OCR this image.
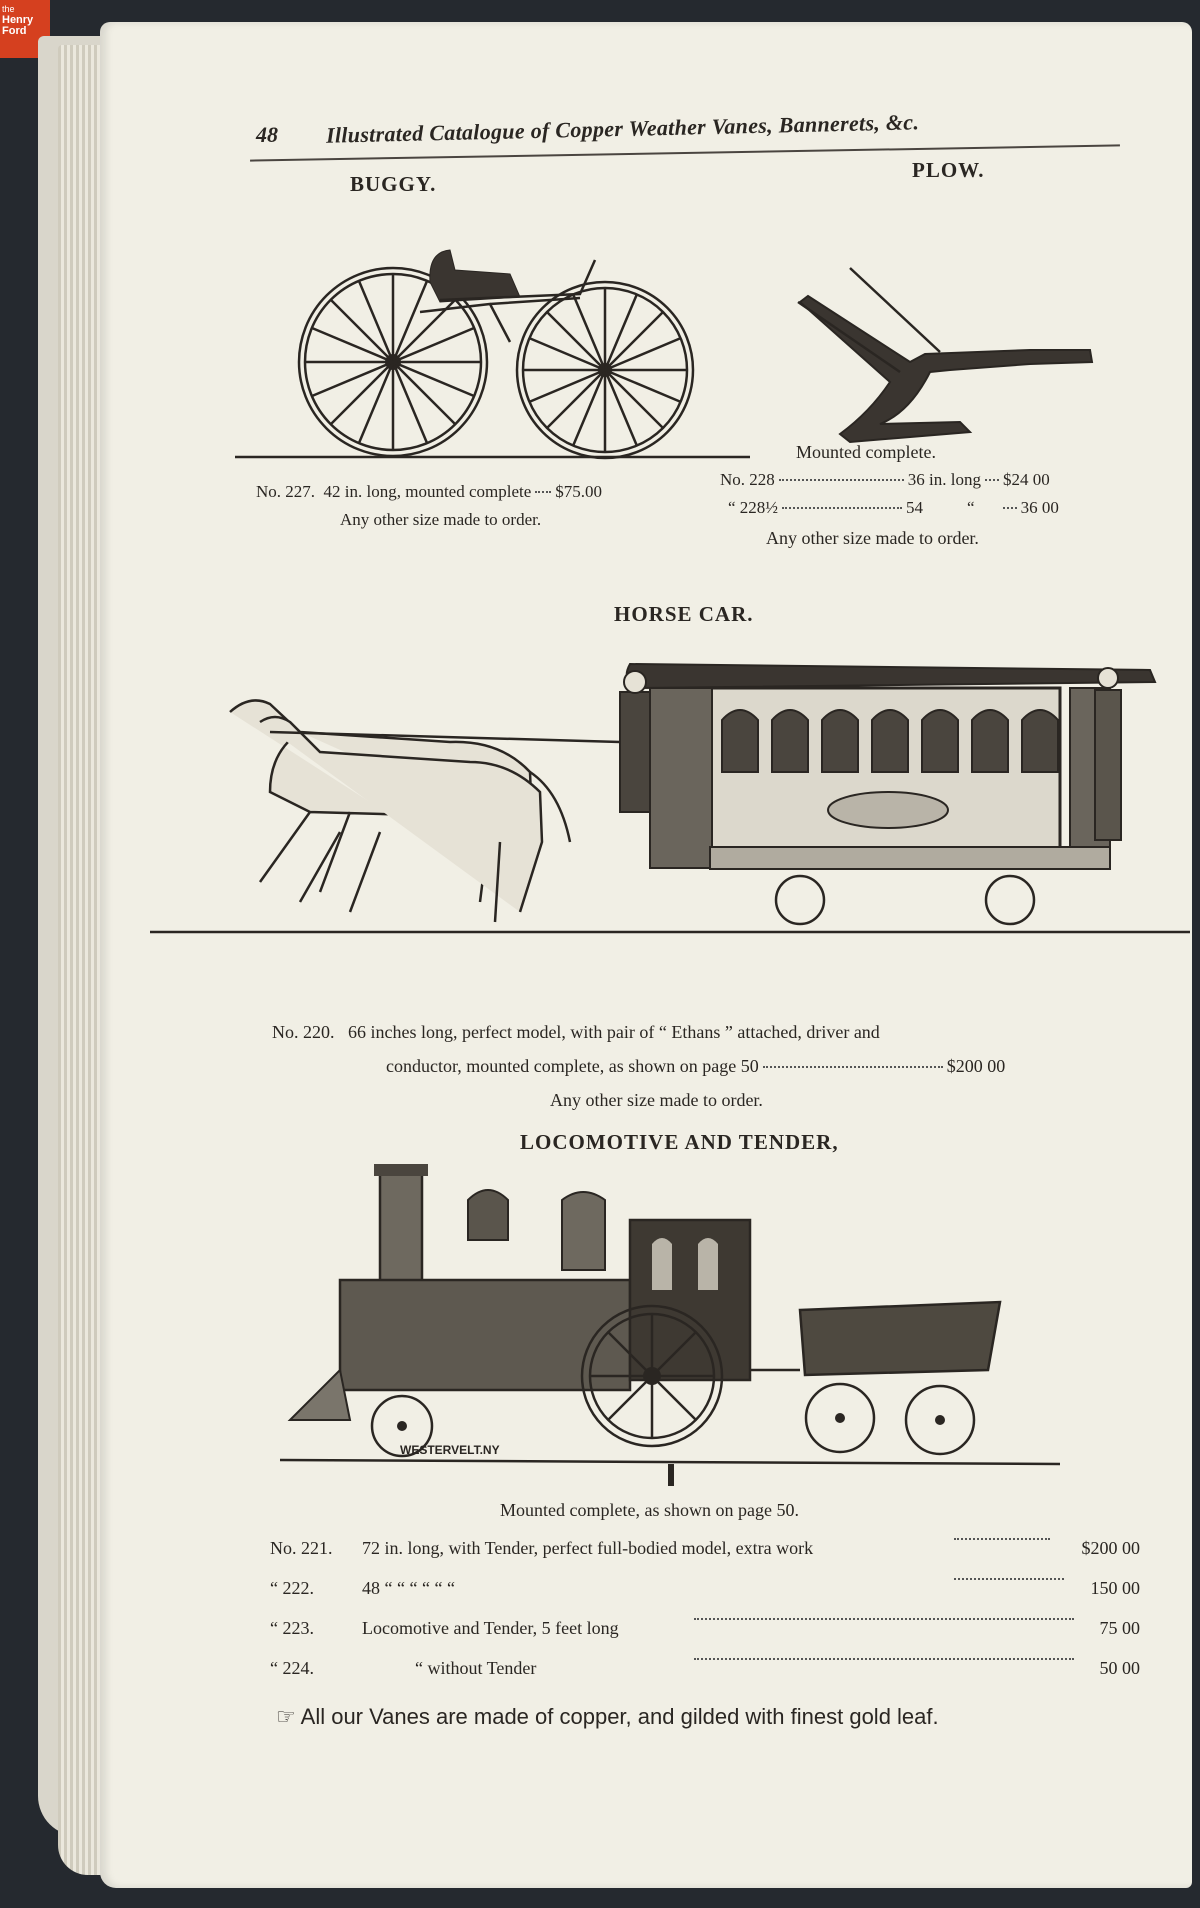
the
Henry
Ford
48 Illustrated Catalogue of Copper Weather Vanes, Bannerets, &c.
BUGGY.
No. 227. 42 in. long, mounted complete $75.00
Any other size made to order.
PLOW.
Mounted complete.
No. 228	36 in. long $24 00
“ 228½	54	“	36 00
Any other size made to order.
HORSE CAR.
No. 220. 66 inches long, perfect model, with pair of “ Ethans ” attached, driver and
conductor, mounted complete, as shown on page 50	$200 00
Any other size made to order.
LOCOMOTIVE AND TENDER,
WESTERVELT.NY
Mounted complete, as shown on page 50.
No. 221.	72 in. long, with Tender, perfect full-bodied model, extra work	$200 00
“ 222.	48 “ “ “ “ “ “	150 00
“ 223.	Locomotive and Tender, 5 feet long	75 00
“ 224.	“ without Tender	50 00
☞ All our Vanes are made of copper, and gilded with finest gold leaf.
